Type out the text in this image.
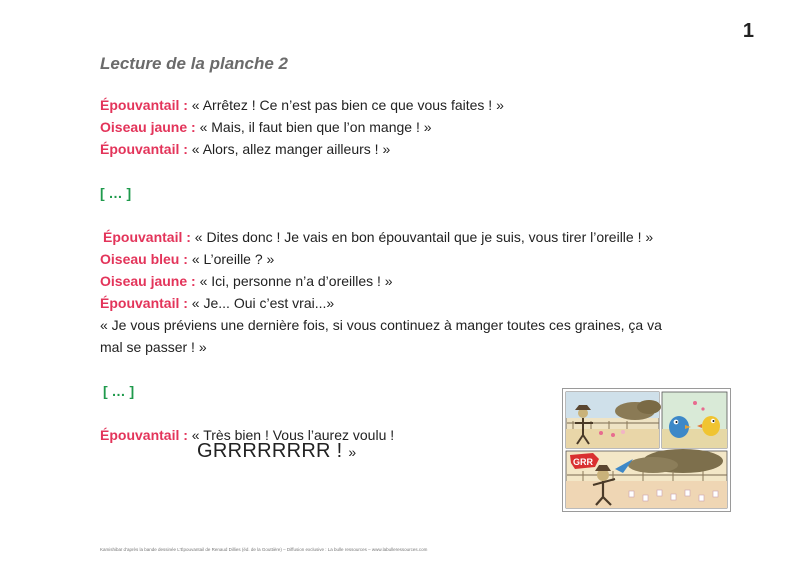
1
Lecture de la planche 2
Épouvantail : « Arrêtez ! Ce n’est pas bien ce que vous faites ! »
Oiseau jaune : « Mais, il faut bien que l’on mange ! »
Épouvantail : « Alors, allez manger ailleurs ! »
[ … ]
Épouvantail : « Dites donc ! Je vais en bon épouvantail que je suis, vous tirer l’oreille ! »
Oiseau bleu : « L’oreille ? »
Oiseau jaune : « Ici, personne n’a d’oreilles ! »
Épouvantail : « Je... Oui c’est vrai...»
« Je vous préviens une dernière fois, si vous continuez à manger toutes ces graines, ça va
mal se passer ! »
[ … ]
Épouvantail : « Très bien ! Vous l’aurez voulu !
GRRRRRRRR ! »
GRR
Kamishibaï d’après la bande dessinée L’Épouvantail de Renaud Dillies (éd. de la Gouttière) – Diffusion exclusive : La bulle ressources – www.labulleressources.com
